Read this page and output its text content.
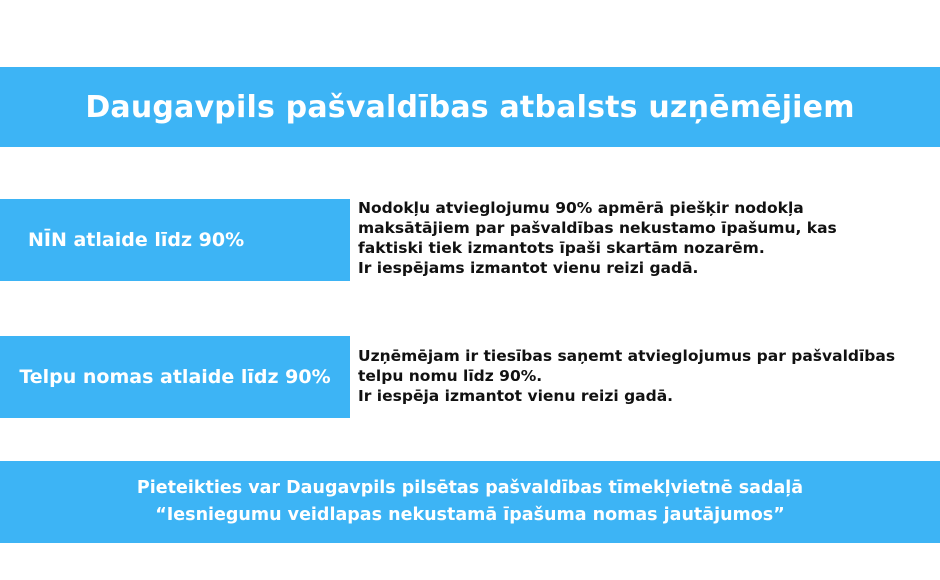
Daugavpils pašvaldības atbalsts uzņēmējiem
NĪN atlaide līdz 90%
Nodokļu atvieglojumu 90% apmērā piešķir nodokļa
maksātājiem par pašvaldības nekustamo īpašumu, kas
faktiski tiek izmantots īpaši skartām nozarēm.
Ir iespējams izmantot vienu reizi gadā.
Telpu nomas atlaide līdz 90%
Uzņēmējam ir tiesības saņemt atvieglojumus par pašvaldības
telpu nomu līdz 90%.
Ir iespēja izmantot vienu reizi gadā.
Pieteikties var Daugavpils pilsētas pašvaldības tīmekļvietnē sadaļā
“Iesniegumu veidlapas nekustamā īpašuma nomas jautājumos”
